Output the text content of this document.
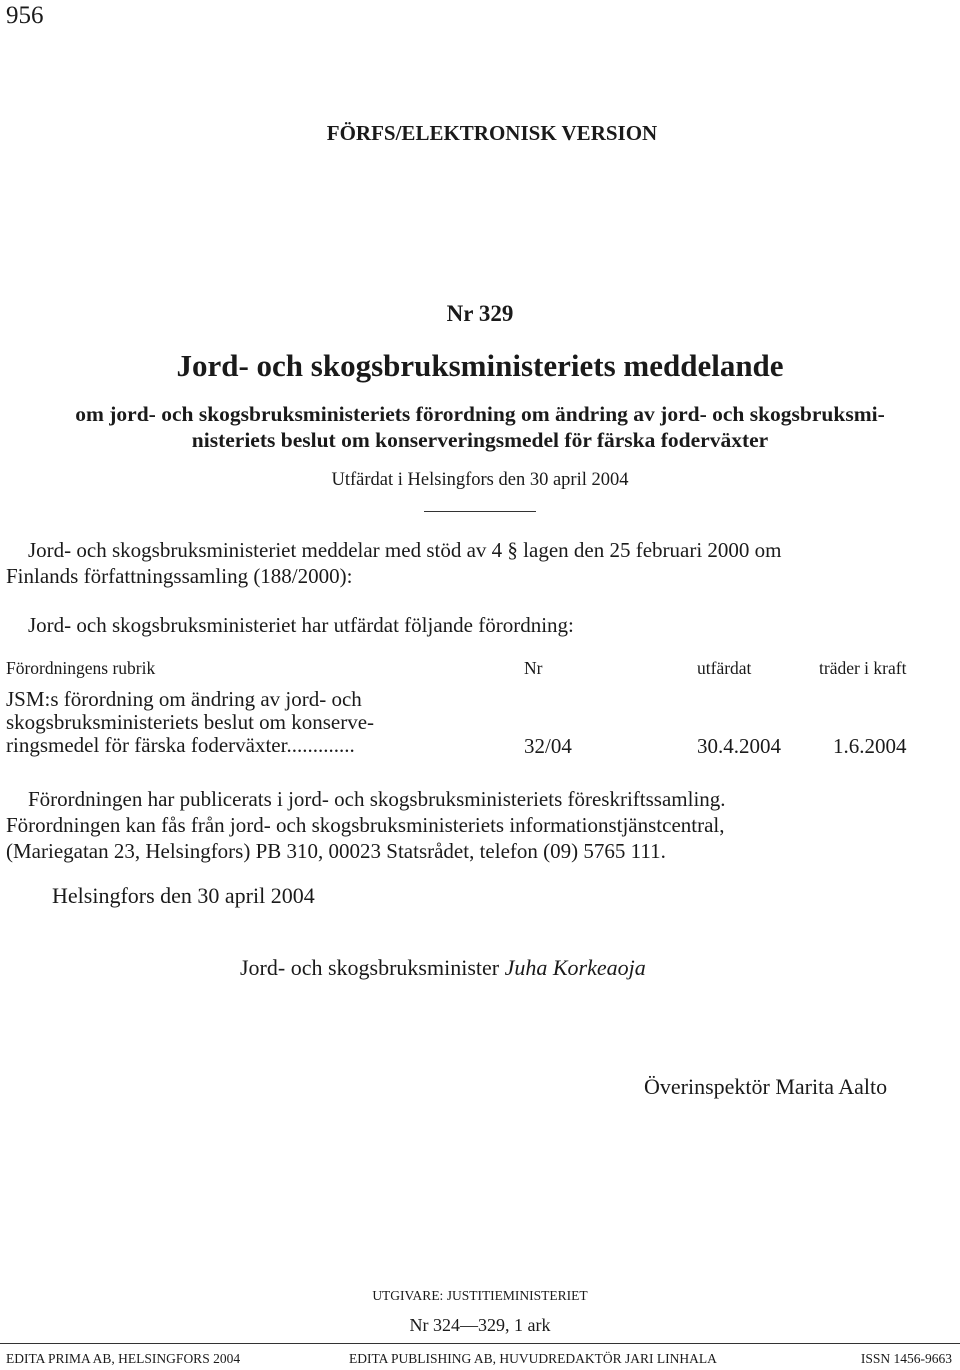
956
FÖRFS/ELEKTRONISK VERSION
Nr 329
Jord- och skogsbruksministeriets meddelande
om jord- och skogsbruksministeriets förordning om ändring av jord- och skogsbruksmi-
nisteriets beslut om konserveringsmedel för färska foderväxter
Utfärdat i Helsingfors den 30 april 2004
Jord- och skogsbruksministeriet meddelar med stöd av 4 § lagen den 25 februari 2000 om
Finlands författningssamling (188/2000):
Jord- och skogsbruksministeriet har utfärdat följande förordning:
Förordningens rubrik	Nr	utfärdat	träder i kraft
JSM:s förordning om ändring av jord- och
skogsbruksministeriets beslut om konserve-
ringsmedel för färska foderväxter.............	32/04	30.4.2004 1.6.2004
Förordningen har publicerats i jord- och skogsbruksministeriets föreskriftssamling.
Förordningen kan fås från jord- och skogsbruksministeriets informationstjänstcentral,
(Mariegatan 23, Helsingfors) PB 310, 00023 Statsrådet, telefon (09) 5765 111.
Helsingfors den 30 april 2004
Jord- och skogsbruksminister Juha Korkeaoja
Överinspektör Marita Aalto
UTGIVARE: JUSTITIEMINISTERIET
Nr 324—329, 1 ark
EDITA PRIMA AB, HELSINGFORS 2004	EDITA PUBLISHING AB, HUVUDREDAKTÖR JARI LINHALA	ISSN 1456-9663
